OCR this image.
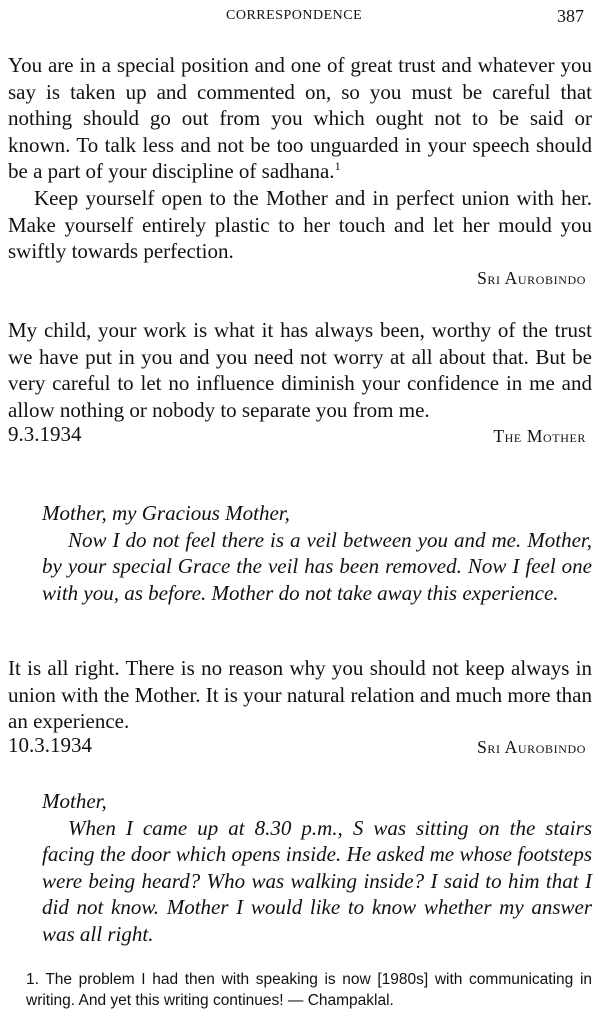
CORRESPONDENCE	387

You are in a special position and one of great trust and whatever you say is taken up and commented on, so you must be careful that nothing should go out from you which ought not to be said or known. To talk less and not be too unguarded in your speech should be a part of your discipline of sadhana.$^1$

Keep yourself open to the Mother and in perfect union with her. Make yourself entirely plastic to her touch and let her mould you swiftly towards perfection.

Sri Aurobindo

My child, your work is what it has always been, worthy of the trust we have put in you and you need not worry at all about that. But be very careful to let no influence diminish your confidence in me and allow nothing or nobody to separate you from me.

9.3.1934	The Mother

Mother, my Gracious Mother,

Now I do not feel there is a veil between you and me. Mother, by your special Grace the veil has been removed. Now I feel one with you, as before. Mother do not take away this experience.

It is all right. There is no reason why you should not keep always in union with the Mother. It is your natural relation and much more than an experience.

10.3.1934	Sri Aurobindo

Mother,

When I came up at 8.30 p.m., S was sitting on the stairs facing the door which opens inside. He asked me whose footsteps were being heard? Who was walking inside? I said to him that I did not know. Mother I would like to know whether my answer was all right.

1. The problem I had then with speaking is now [1980s] with communicating in writing. And yet this writing continues! — Champaklal.
